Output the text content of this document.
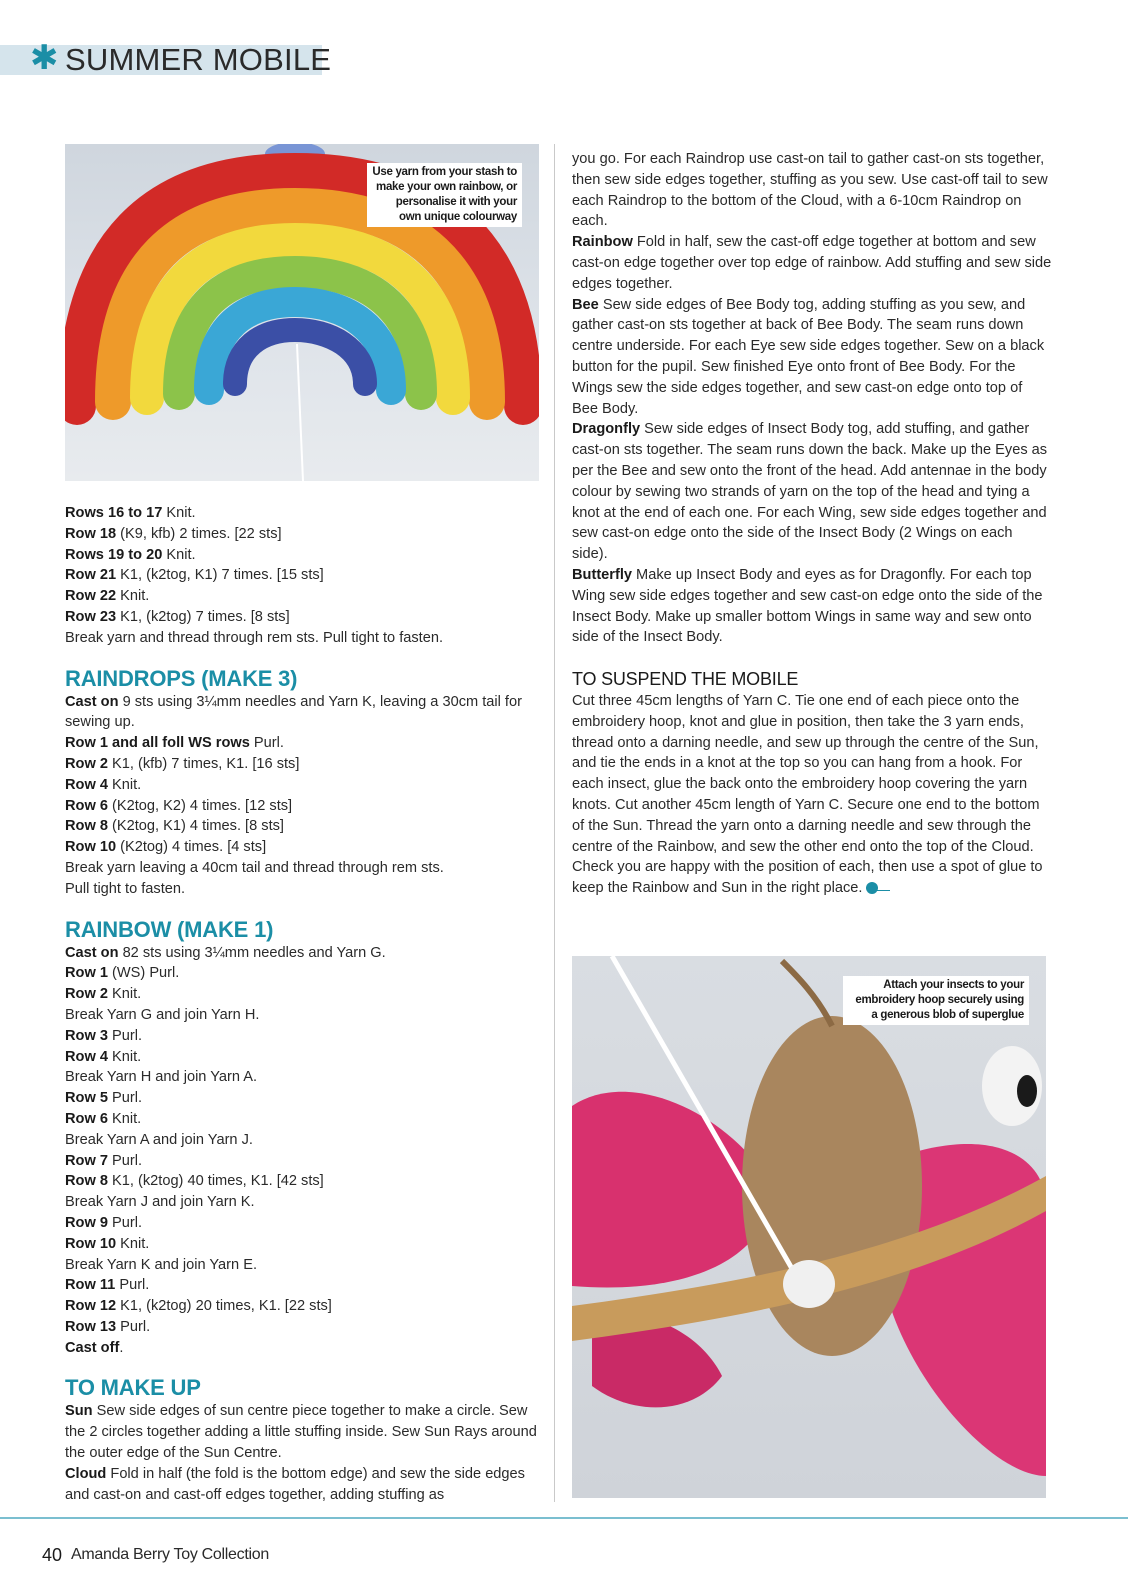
✱ SUMMER MOBILE
Use yarn from your stash to make your own rainbow, or personalise it with your own unique colourway

Rows 16 to 17 Knit.

Row 18 (K9, kfb) 2 times. [22 sts]

Rows 19 to 20 Knit.

Row 21 K1, (k2tog, K1) 7 times. [15 sts]

Row 22 Knit.

Row 23 K1, (k2tog) 7 times. [8 sts]

Break yarn and thread through rem sts. Pull tight to fasten.

RAINDROPS (MAKE 3)

Cast on 9 sts using 3¼mm needles and Yarn K, leaving a 30cm tail for sewing up.

Row 1 and all foll WS rows Purl.

Row 2 K1, (kfb) 7 times, K1. [16 sts]

Row 4 Knit.

Row 6 (K2tog, K2) 4 times. [12 sts]

Row 8 (K2tog, K1) 4 times. [8 sts]

Row 10 (K2tog) 4 times. [4 sts]

Break yarn leaving a 40cm tail and thread through rem sts.

Pull tight to fasten.

RAINBOW (MAKE 1)

Cast on 82 sts using 3¼mm needles and Yarn G.

Row 1 (WS) Purl.

Row 2 Knit.

Break Yarn G and join Yarn H.

Row 3 Purl.

Row 4 Knit.

Break Yarn H and join Yarn A.

Row 5 Purl.

Row 6 Knit.

Break Yarn A and join Yarn J.

Row 7 Purl.

Row 8 K1, (k2tog) 40 times, K1. [42 sts]

Break Yarn J and join Yarn K.

Row 9 Purl.

Row 10 Knit.

Break Yarn K and join Yarn E.

Row 11 Purl.

Row 12 K1, (k2tog) 20 times, K1. [22 sts]

Row 13 Purl.

Cast off.

TO MAKE UP

Sun Sew side edges of sun centre piece together to make a circle. Sew the 2 circles together adding a little stuffing inside. Sew Sun Rays around the outer edge of the Sun Centre.

Cloud Fold in half (the fold is the bottom edge) and sew the side edges and cast-on and cast-off edges together, adding stuffing as

you go. For each Raindrop use cast-on tail to gather cast-on sts together, then sew side edges together, stuffing as you sew. Use cast-off tail to sew each Raindrop to the bottom of the Cloud, with a 6-10cm Raindrop on each.

Rainbow Fold in half, sew the cast-off edge together at bottom and sew cast-on edge together over top edge of rainbow. Add stuffing and sew side edges together.

Bee Sew side edges of Bee Body tog, adding stuffing as you sew, and gather cast-on sts together at back of Bee Body. The seam runs down centre underside. For each Eye sew side edges together. Sew on a black button for the pupil. Sew finished Eye onto front of Bee Body. For the Wings sew the side edges together, and sew cast-on edge onto top of Bee Body.

Dragonfly Sew side edges of Insect Body tog, add stuffing, and gather cast-on sts together. The seam runs down the back. Make up the Eyes as per the Bee and sew onto the front of the head. Add antennae in the body colour by sewing two strands of yarn on the top of the head and tying a knot at the end of each one. For each Wing, sew side edges together and sew cast-on edge onto the side of the Insect Body (2 Wings on each side).

Butterfly Make up Insect Body and eyes as for Dragonfly. For each top Wing sew side edges together and sew cast-on edge onto the side of the Insect Body. Make up smaller bottom Wings in same way and sew onto side of the Insect Body.

TO SUSPEND THE MOBILE

Cut three 45cm lengths of Yarn C. Tie one end of each piece onto the embroidery hoop, knot and glue in position, then take the 3 yarn ends, thread onto a darning needle, and sew up through the centre of the Sun, and tie the ends in a knot at the top so you can hang from a hook. For each insect, glue the back onto the embroidery hoop covering the yarn knots. Cut another 45cm length of Yarn C. Secure one end to the bottom of the Sun. Thread the yarn onto a darning needle and sew through the centre of the Rainbow, and sew the other end onto the top of the Cloud. Check you are happy with the position of each, then use a spot of glue to keep the Rainbow and Sun in the right place.

Attach your insects to your embroidery hoop securely using a generous blob of superglue
40 Amanda Berry Toy Collection
